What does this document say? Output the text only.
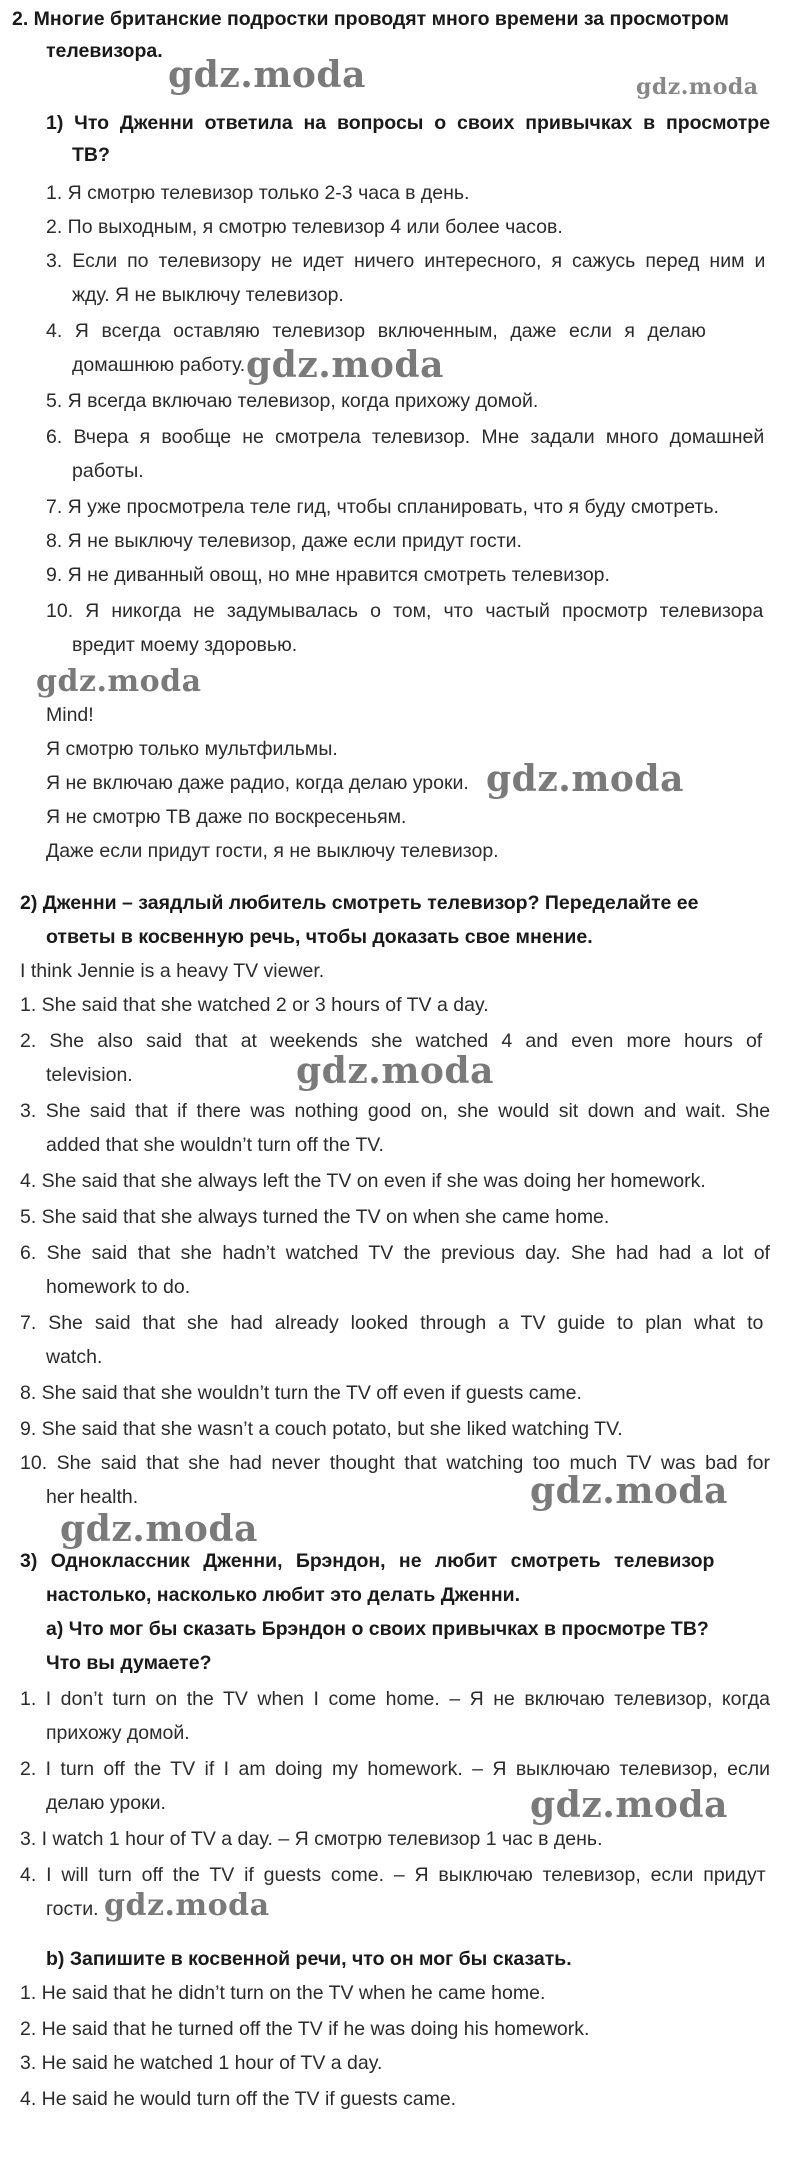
2. Многие британские подростки проводят много времени за просмотром
телевизора.
1) Что Дженни ответила на вопросы о своих привычках в просмотре
ТВ?
1. Я смотрю телевизор только 2-3 часа в день.
2. По выходным, я смотрю телевизор 4 или более часов.
3. Если по телевизору не идет ничего интересного, я сажусь перед ним и
жду. Я не выключу телевизор.
4. Я всегда оставляю телевизор включенным, даже если я делаю
домашнюю работу.
5. Я всегда включаю телевизор, когда прихожу домой.
6. Вчера я вообще не смотрела телевизор. Мне задали много домашней
работы.
7. Я уже просмотрела теле гид, чтобы спланировать, что я буду смотреть.
8. Я не выключу телевизор, даже если придут гости.
9. Я не диванный овощ, но мне нравится смотреть телевизор.
10. Я никогда не задумывалась о том, что частый просмотр телевизора
вредит моему здоровью.
Mind!
Я смотрю только мультфильмы.
Я не включаю даже радио, когда делаю уроки.
Я не смотрю ТВ даже по воскресеньям.
Даже если придут гости, я не выключу телевизор.
2) Дженни – заядлый любитель смотреть телевизор? Переделайте ее
ответы в косвенную речь, чтобы доказать свое мнение.
I think Jennie is a heavy TV viewer.
1. She said that she watched 2 or 3 hours of TV a day.
2. She also said that at weekends she watched 4 and even more hours of
television.
3. She said that if there was nothing good on, she would sit down and wait. She
added that she wouldn’t turn off the TV.
4. She said that she always left the TV on even if she was doing her homework.
5. She said that she always turned the TV on when she came home.
6. She said that she hadn’t watched TV the previous day. She had had a lot of
homework to do.
7. She said that she had already looked through a TV guide to plan what to
watch.
8. She said that she wouldn’t turn the TV off even if guests came.
9. She said that she wasn’t a couch potato, but she liked watching TV.
10. She said that she had never thought that watching too much TV was bad for
her health.
3) Одноклассник Дженни, Брэндон, не любит смотреть телевизор
настолько, насколько любит это делать Дженни.
a) Что мог бы сказать Брэндон о своих привычках в просмотре ТВ?
Что вы думаете?
1. I don’t turn on the TV when I come home. – Я не включаю телевизор, когда
прихожу домой.
2. I turn off the TV if I am doing my homework. – Я выключаю телевизор, если
делаю уроки.
3. I watch 1 hour of TV a day. – Я смотрю телевизор 1 час в день.
4. I will turn off the TV if guests come. – Я выключаю телевизор, если придут
гости.
b) Запишите в косвенной речи, что он мог бы сказать.
1. He said that he didn’t turn on the TV when he came home.
2. He said that he turned off the TV if he was doing his homework.
3. He said he watched 1 hour of TV a day.
4. He said he would turn off the TV if guests came.
gdz.moda	gdz.moda
gdz.moda
gdz.moda
gdz.moda
gdz.moda
gdz.moda
gdz.moda
gdz.moda
gdz.moda
